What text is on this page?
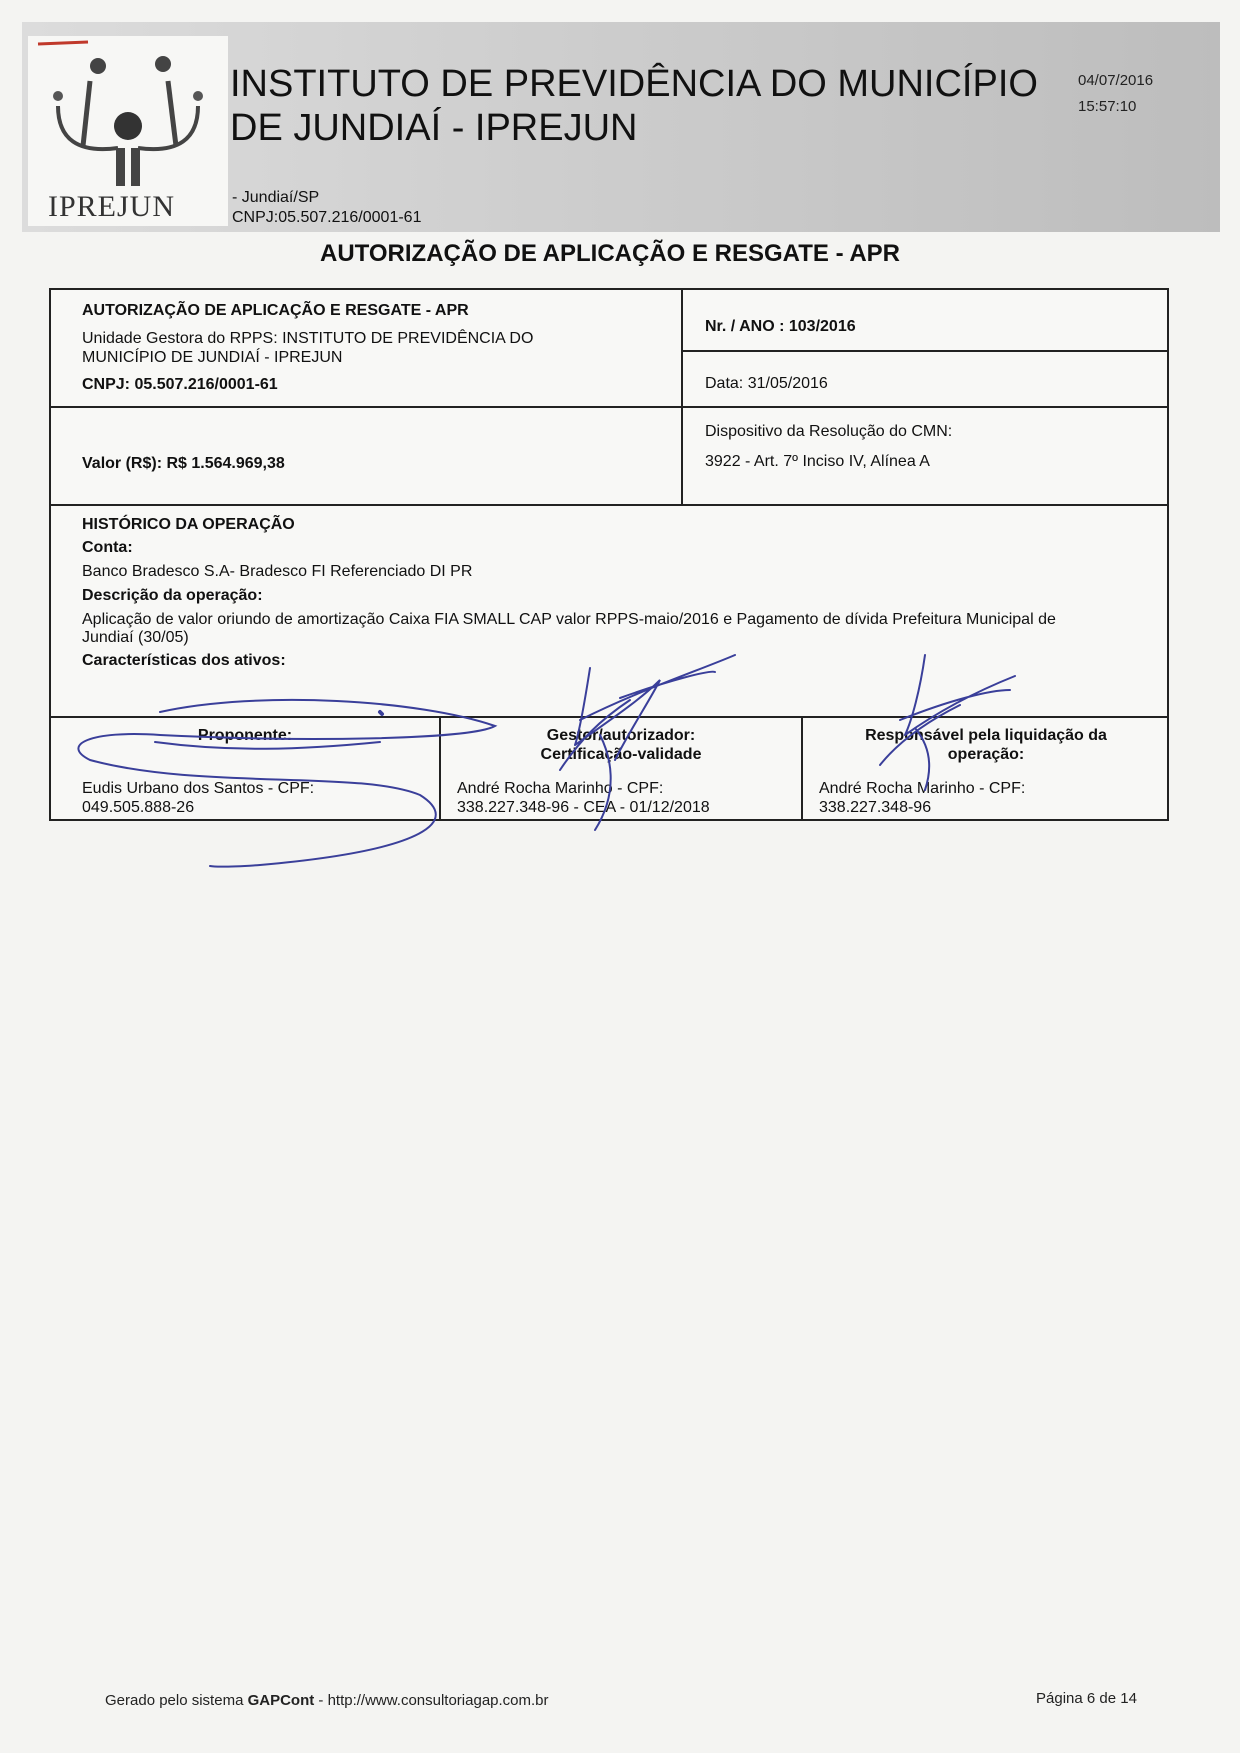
IPREJUN
INSTITUTO DE PREVIDÊNCIA DO MUNICÍPIO
DE JUNDIAÍ - IPREJUN
04/07/2016
15:57:10
- Jundiaí/SP
CNPJ:05.507.216/0001-61
AUTORIZAÇÃO DE APLICAÇÃO E RESGATE - APR
AUTORIZAÇÃO DE APLICAÇÃO E RESGATE - APR
Unidade Gestora do RPPS: INSTITUTO DE PREVIDÊNCIA DO
MUNICÍPIO DE JUNDIAÍ - IPREJUN
CNPJ: 05.507.216/0001-61
Nr. / ANO : 103/2016
Data: 31/05/2016
Valor (R$): R$ 1.564.969,38
Dispositivo da Resolução do CMN:
3922 - Art. 7º Inciso IV, Alínea A
HISTÓRICO DA OPERAÇÃO
Conta:
Banco Bradesco S.A- Bradesco FI Referenciado DI PR
Descrição da operação:
Aplicação de valor oriundo de amortização Caixa FIA SMALL CAP valor RPPS-maio/2016 e Pagamento de dívida Prefeitura Municipal de
Jundiaí (30/05)
Características dos ativos:
Proponente:
Eudis Urbano dos Santos - CPF:
049.505.888-26
Gestor/autorizador:
Certificação-validade
André Rocha Marinho - CPF:
338.227.348-96 - CEA - 01/12/2018
Responsável pela liquidação da
operação:
André Rocha Marinho - CPF:
338.227.348-96
Gerado pelo sistema GAPCont - http://www.consultoriagap.com.br	Página 6 de 14
